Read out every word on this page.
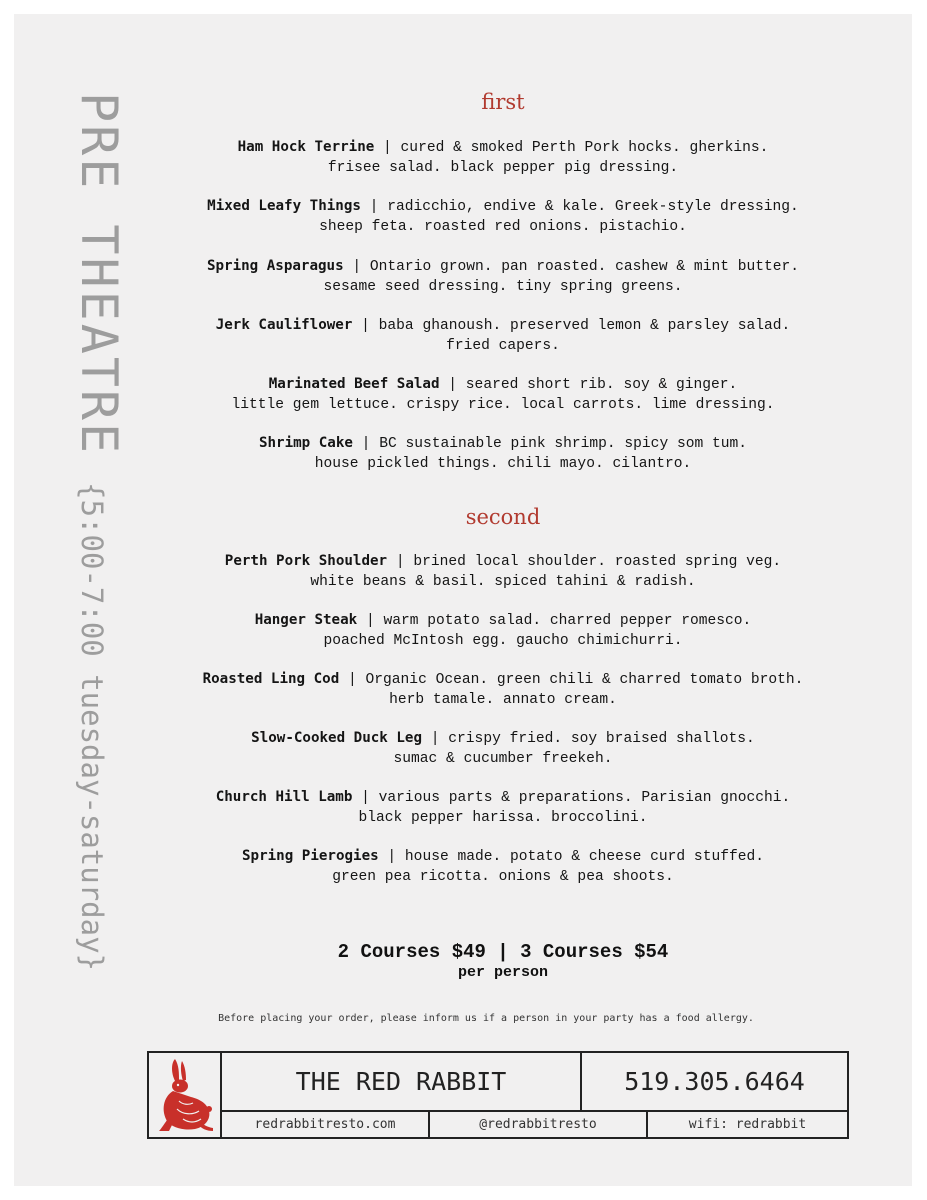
PRE THEATRE{5:00-7:00 tuesday-saturday}
first
Ham Hock Terrine | cured & smoked Perth Pork hocks. gherkins.
frisee salad. black pepper pig dressing.
Mixed Leafy Things | radicchio, endive & kale. Greek-style dressing.
sheep feta. roasted red onions. pistachio.
Spring Asparagus | Ontario grown. pan roasted. cashew & mint butter.
sesame seed dressing. tiny spring greens.
Jerk Cauliflower | baba ghanoush. preserved lemon & parsley salad.
fried capers.
Marinated Beef Salad | seared short rib. soy & ginger.
little gem lettuce. crispy rice. local carrots. lime dressing.
Shrimp Cake | BC sustainable pink shrimp. spicy som tum.
house pickled things. chili mayo. cilantro.
second
Perth Pork Shoulder | brined local shoulder. roasted spring veg.
white beans & basil. spiced tahini & radish.
Hanger Steak | warm potato salad. charred pepper romesco.
poached McIntosh egg. gaucho chimichurri.
Roasted Ling Cod | Organic Ocean. green chili & charred tomato broth.
herb tamale. annato cream.
Slow-Cooked Duck Leg | crispy fried. soy braised shallots.
sumac & cucumber freekeh.
Church Hill Lamb | various parts & preparations. Parisian gnocchi.
black pepper harissa. broccolini.
Spring Pierogies | house made. potato & cheese curd stuffed.
green pea ricotta. onions & pea shoots.
2 Courses $49 | 3 Courses $54
per person
Before placing your order, please inform us if a person in your party has a food allergy.
THE RED RABBIT	519.305.6464
redrabbitresto.com	@redrabbitresto	wifi: redrabbit
